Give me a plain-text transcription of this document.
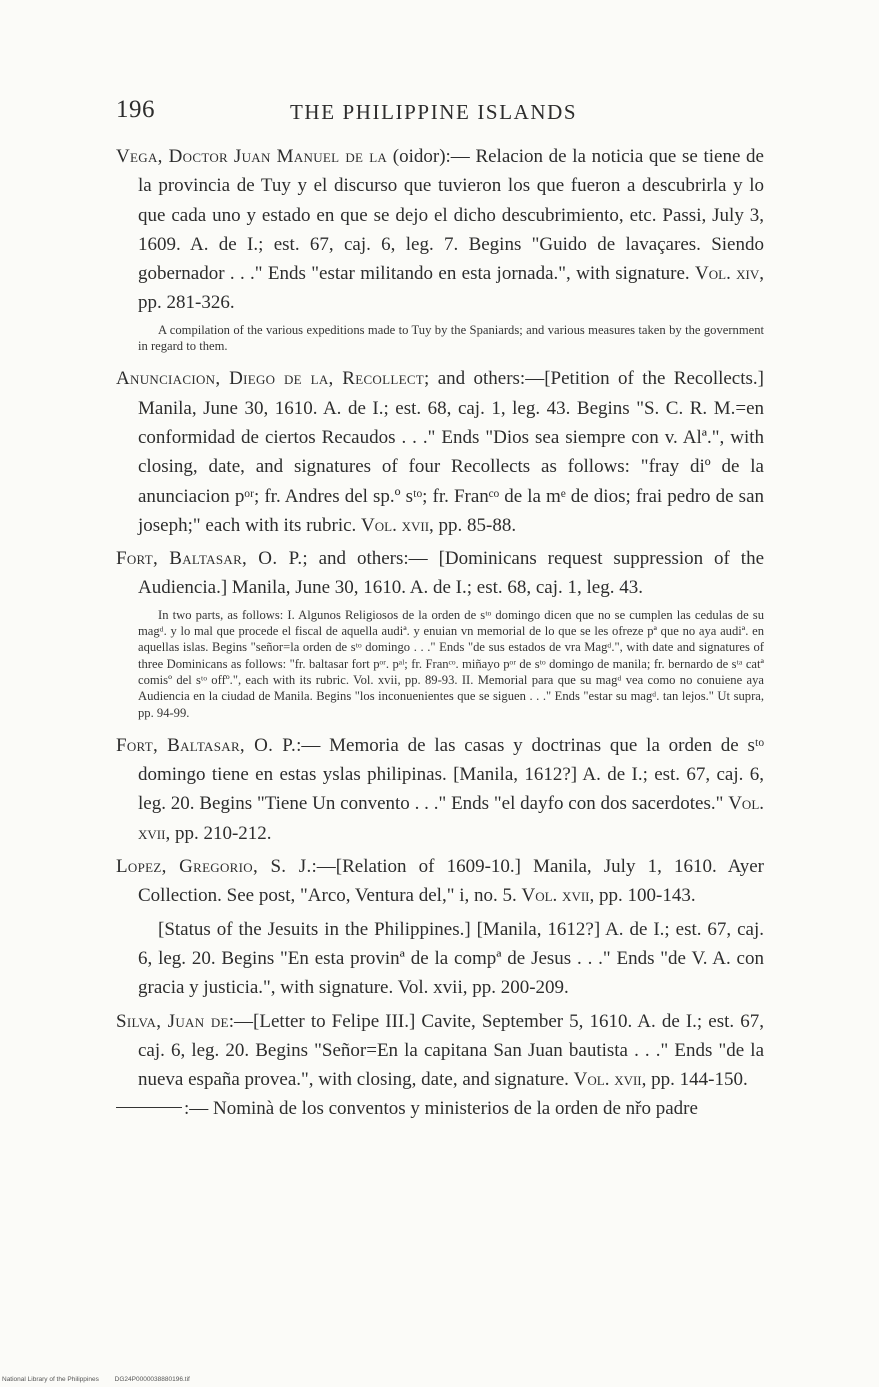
196	THE PHILIPPINE ISLANDS

Vega, Doctor Juan Manuel de la (oidor):— Relacion de la noticia que se tiene de la provincia de Tuy y el discurso que tuvieron los que fueron a descubrirla y lo que cada uno y estado en que se dejo el dicho descubrimiento, etc. Passi, July 3, 1609. A. de I.; est. 67, caj. 6, leg. 7. Begins "Guido de lavaçares. Siendo gobernador . . ." Ends "estar militando en esta jornada.", with signature. Vol. xiv, pp. 281-326.

A compilation of the various expeditions made to Tuy by the Spaniards; and various measures taken by the government in regard to them.

Anunciacion, Diego de la, Recollect; and others:—[Petition of the Recollects.] Manila, June 30, 1610. A. de I.; est. 68, caj. 1, leg. 43. Begins "S. C. R. M.=en conformidad de ciertos Recaudos . . ." Ends "Dios sea siempre con v. Alª.", with closing, date, and signatures of four Recollects as follows: "fray diº de la anunciacion pᵒʳ; fr. Andres del sp.º sᵗᵒ; fr. Franᶜᵒ de la mᵉ de dios; frai pedro de san joseph;" each with its rubric. Vol. xvii, pp. 85-88.

Fort, Baltasar, O. P.; and others:— [Dominicans request suppression of the Audiencia.] Manila, June 30, 1610. A. de I.; est. 68, caj. 1, leg. 43.

In two parts, as follows: I. Algunos Religiosos de la orden de sᵗᵒ domingo dicen que no se cumplen las cedulas de su magᵈ. y lo mal que procede el fiscal de aquella audiª. y enuian vn memorial de lo que se les ofreze pª que no aya audiª. en aquellas islas. Begins "señor=la orden de sᵗᵒ domingo . . ." Ends "de sus estados de vra Magᵈ.", with date and signatures of three Dominicans as follows: "fr. baltasar fort pᵒʳ. pᵃˡ; fr. Franᶜᵒ. miñayo pᵒʳ de sᵗᵒ domingo de manila; fr. bernardo de sᵗᵃ catª comisº del sᵗᵒ offº.", each with its rubric. Vol. xvii, pp. 89-93. II. Memorial para que su magᵈ vea como no conuiene aya Audiencia en la ciudad de Manila. Begins "los inconuenientes que se siguen . . ." Ends "estar su magᵈ. tan lejos." Ut supra, pp. 94-99.

Fort, Baltasar, O. P.:— Memoria de las casas y doctrinas que la orden de sᵗᵒ domingo tiene en estas yslas philipinas. [Manila, 1612?] A. de I.; est. 67, caj. 6, leg. 20. Begins "Tiene Un convento . . ." Ends "el dayfo con dos sacerdotes." Vol. xvii, pp. 210-212.

Lopez, Gregorio, S. J.:—[Relation of 1609-10.] Manila, July 1, 1610. Ayer Collection. See post, "Arco, Ventura del," i, no. 5. Vol. xvii, pp. 100-143.

[Status of the Jesuits in the Philippines.] [Manila, 1612?] A. de I.; est. 67, caj. 6, leg. 20. Begins "En esta provinª de la compª de Jesus . . ." Ends "de V. A. con gracia y justicia.", with signature. Vol. xvii, pp. 200-209.

Silva, Juan de:—[Letter to Felipe III.] Cavite, September 5, 1610. A. de I.; est. 67, caj. 6, leg. 20. Begins "Señor=En la capitana San Juan bautista . . ." Ends "de la nueva españa provea.", with closing, date, and signature. Vol. xvii, pp. 144-150.

:— Nominà de los conventos y ministerios de la orden de nřo padre

National Library of the Philippines DG24P0000038880196.tif
